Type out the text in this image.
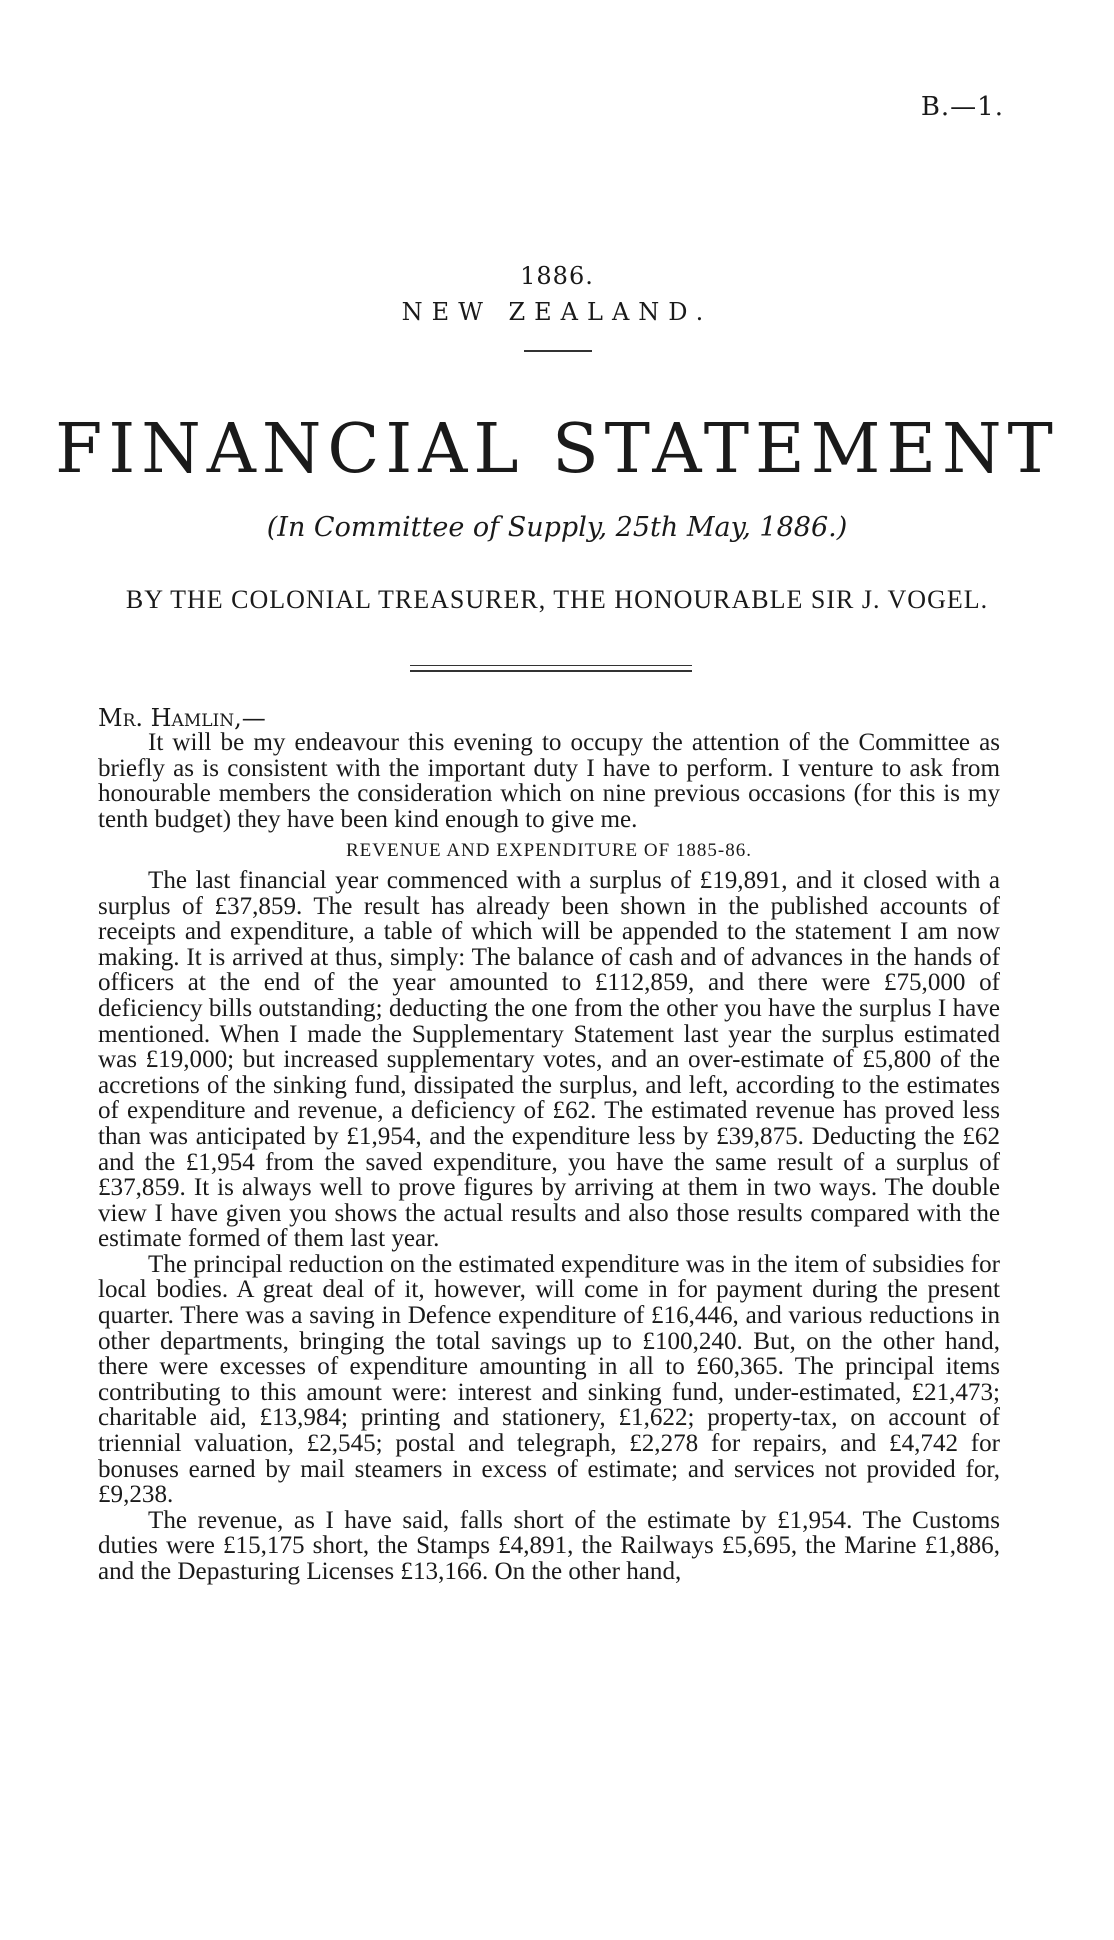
B.—1.
1886.
NEW ZEALAND.
FINANCIAL STATEMENT
(In Committee of Supply, 25th May, 1886.)
BY THE COLONIAL TREASURER, THE HONOURABLE SIR J. VOGEL.
Mr. Hamlin,—

It will be my endeavour this evening to occupy the attention of the Committee as briefly as is consistent with the important duty I have to perform. I venture to ask from honourable members the consideration which on nine previous occasions (for this is my tenth budget) they have been kind enough to give me.

REVENUE AND EXPENDITURE OF 1885-86.

The last financial year commenced with a surplus of £19,891, and it closed with a surplus of £37,859. The result has already been shown in the published accounts of receipts and expenditure, a table of which will be appended to the statement I am now making. It is arrived at thus, simply: The balance of cash and of advances in the hands of officers at the end of the year amounted to £112,859, and there were £75,000 of deficiency bills outstanding; deducting the one from the other you have the surplus I have mentioned. When I made the Supplementary Statement last year the surplus estimated was £19,000; but increased supplementary votes, and an over-estimate of £5,800 of the accretions of the sinking fund, dissipated the surplus, and left, according to the estimates of expenditure and revenue, a deficiency of £62. The estimated revenue has proved less than was anticipated by £1,954, and the expenditure less by £39,875. Deducting the £62 and the £1,954 from the saved expenditure, you have the same result of a surplus of £37,859. It is always well to prove figures by arriving at them in two ways. The double view I have given you shows the actual results and also those results compared with the estimate formed of them last year.

The principal reduction on the estimated expenditure was in the item of subsidies for local bodies. A great deal of it, however, will come in for payment during the present quarter. There was a saving in Defence expenditure of £16,446, and various reductions in other departments, bringing the total savings up to £100,240. But, on the other hand, there were excesses of expenditure amounting in all to £60,365. The principal items contributing to this amount were: interest and sinking fund, under-estimated, £21,473; charitable aid, £13,984; printing and stationery, £1,622; property-tax, on account of triennial valuation, £2,545; postal and telegraph, £2,278 for repairs, and £4,742 for bonuses earned by mail steamers in excess of estimate; and services not provided for, £9,238.

The revenue, as I have said, falls short of the estimate by £1,954. The Customs duties were £15,175 short, the Stamps £4,891, the Railways £5,695, the Marine £1,886, and the Depasturing Licenses £13,166. On the other hand,
